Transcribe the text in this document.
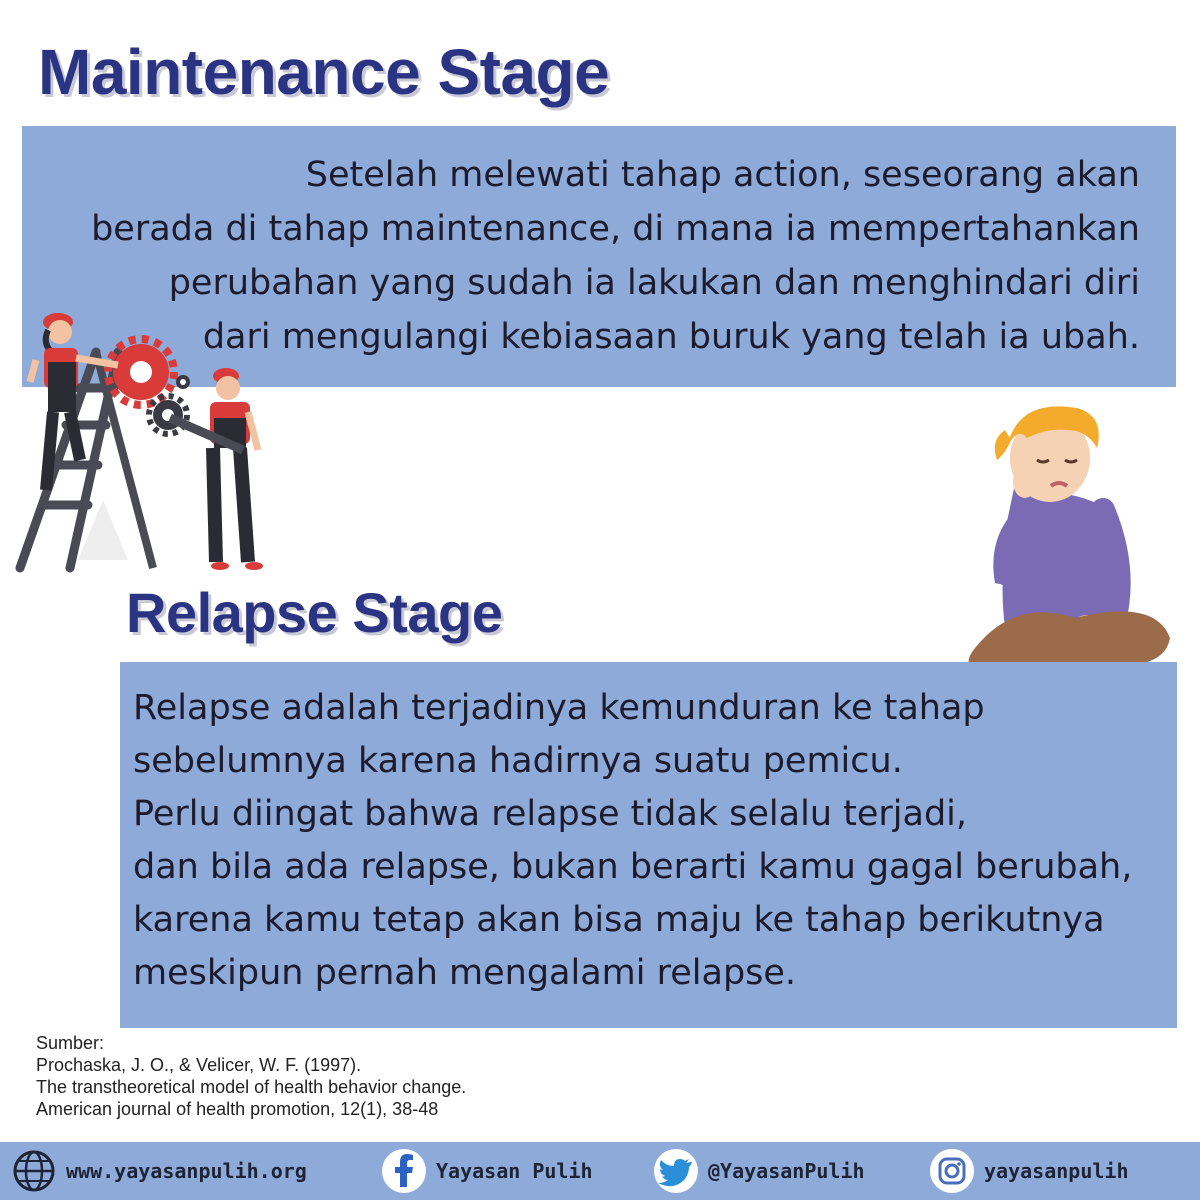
Maintenance Stage
Setelah melewati tahap action, seseorang akan
berada di tahap maintenance, di mana ia mempertahankan
perubahan yang sudah ia lakukan dan menghindari diri
dari mengulangi kebiasaan buruk yang telah ia ubah.
Relapse Stage
Relapse adalah terjadinya kemunduran ke tahap
sebelumnya karena hadirnya suatu pemicu.
Perlu diingat bahwa relapse tidak selalu terjadi,
dan bila ada relapse, bukan berarti kamu gagal berubah,
karena kamu tetap akan bisa maju ke tahap berikutnya
meskipun pernah mengalami relapse.
Sumber:
Prochaska, J. O., & Velicer, W. F. (1997).
The transtheoretical model of health behavior change.
American journal of health promotion, 12(1), 38-48
www.yayasanpulih.org	Yayasan Pulih	@YayasanPulih	yayasanpulih
